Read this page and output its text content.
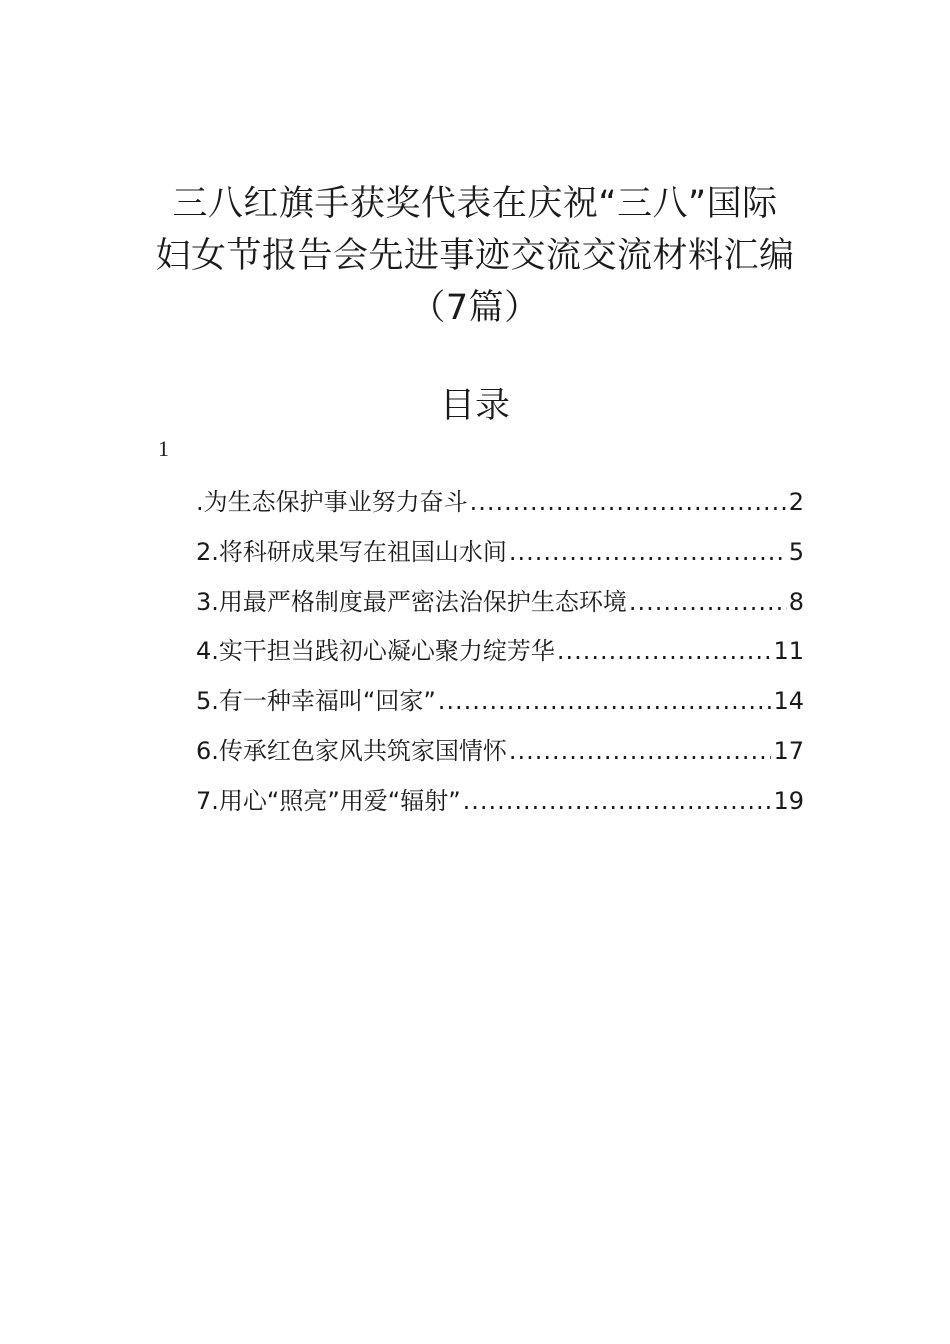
三八红旗手获奖代表在庆祝“三八”国际
妇女节报告会先进事迹交流交流材料汇编
（7篇）
目录
1
.为生态保护事业努力奋斗 .....	2
2.将科研成果写在祖国山水间 .....	5
3.用最严格制度最严密法治保护生态环境 .....	8
4.实干担当践初心凝心聚力绽芳华 .....	11
5.有一种幸福叫“回家” .....	14
6.传承红色家风共筑家国情怀 .....	17
7.用心“照亮”用爱“辐射” .....	19
